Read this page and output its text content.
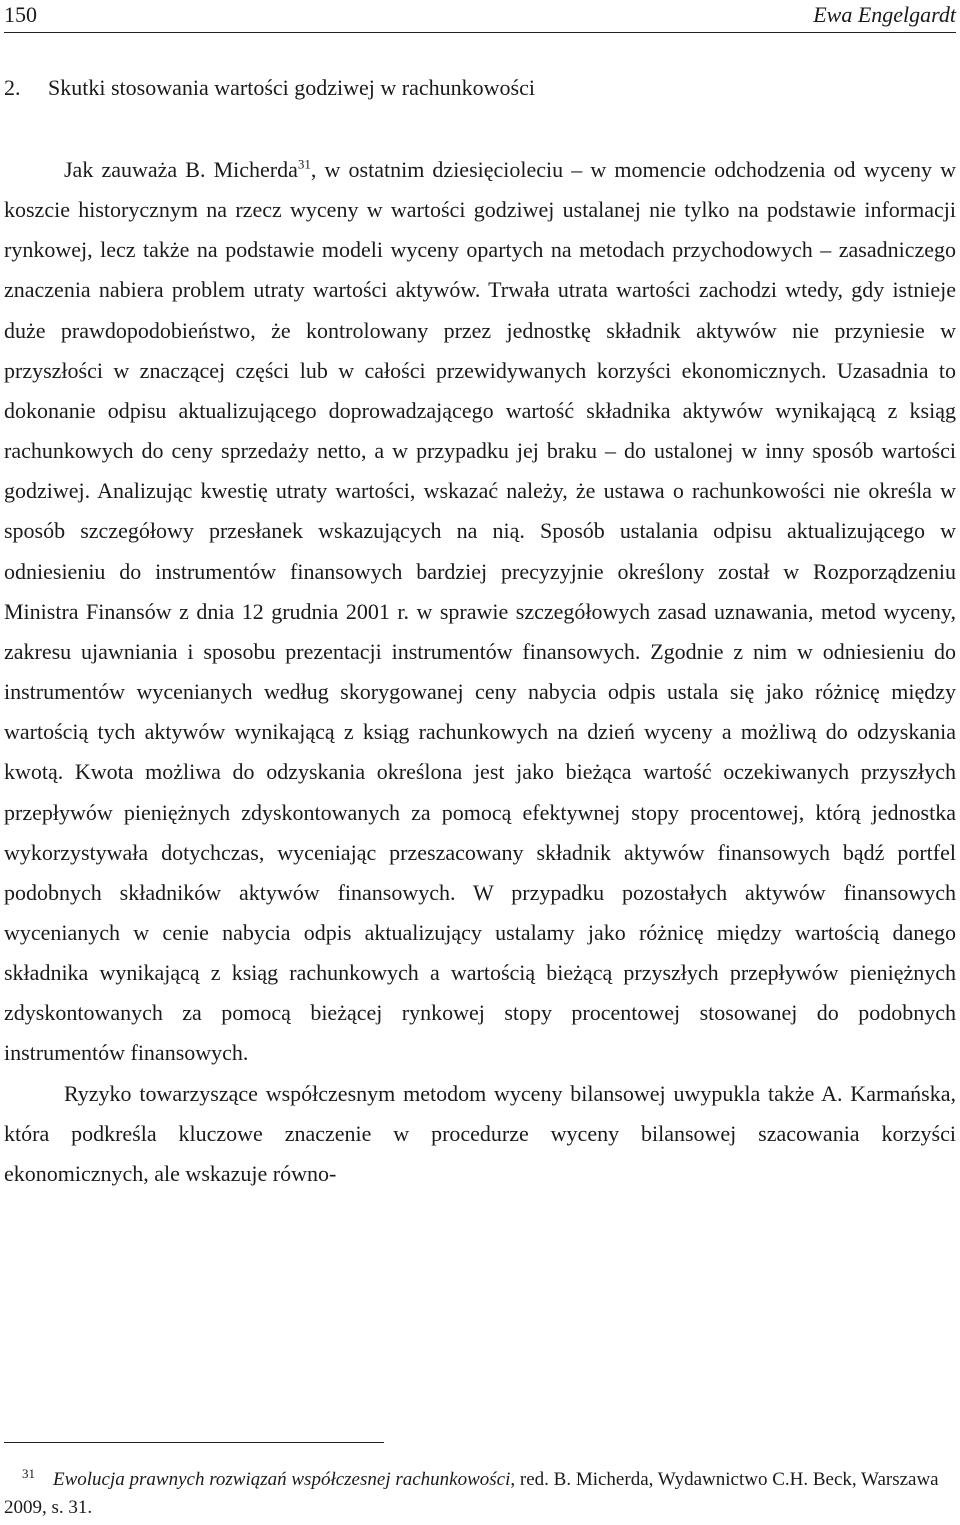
150	Ewa Engelgardt
2. Skutki stosowania wartości godziwej w rachunkowości

Jak zauważa B. Micherda$^{31}$, w ostatnim dziesięcioleciu – w momencie odchodzenia od wyceny w koszcie historycznym na rzecz wyceny w wartości godziwej ustalanej nie tylko na podstawie informacji rynkowej, lecz także na podstawie modeli wyceny opartych na metodach przychodowych – zasadniczego znaczenia nabiera problem utraty wartości aktywów. Trwała utrata wartości zachodzi wtedy, gdy istnieje duże prawdopodobieństwo, że kontrolowany przez jednostkę składnik aktywów nie przyniesie w przyszłości w znaczącej części lub w całości przewidywanych korzyści ekonomicznych. Uzasadnia to dokonanie odpisu aktualizującego doprowadzającego wartość składnika aktywów wynikającą z ksiąg rachunkowych do ceny sprzedaży netto, a w przypadku jej braku – do ustalonej w inny sposób wartości godziwej. Analizując kwestię utraty wartości, wskazać należy, że ustawa o rachunkowości nie określa w sposób szczegółowy przesłanek wskazujących na nią. Sposób ustalania odpisu aktualizującego w odniesieniu do instrumentów finansowych bardziej precyzyjnie określony został w Rozporządzeniu Ministra Finansów z dnia 12 grudnia 2001 r. w sprawie szczegółowych zasad uznawania, metod wyceny, zakresu ujawniania i sposobu prezentacji instrumentów finansowych. Zgodnie z nim w odniesieniu do instrumentów wycenianych według skorygowanej ceny nabycia odpis ustala się jako różnicę między wartością tych aktywów wynikającą z ksiąg rachunkowych na dzień wyceny a możliwą do odzyskania kwotą. Kwota możliwa do odzyskania określona jest jako bieżąca wartość oczekiwanych przyszłych przepływów pieniężnych zdyskontowanych za pomocą efektywnej stopy procentowej, którą jednostka wykorzystywała dotychczas, wyceniając przeszacowany składnik aktywów finansowych bądź portfel podobnych składników aktywów finansowych. W przypadku pozostałych aktywów finansowych wycenianych w cenie nabycia odpis aktualizujący ustalamy jako różnicę między wartością danego składnika wynikającą z ksiąg rachunkowych a wartością bieżącą przyszłych przepływów pieniężnych zdyskontowanych za pomocą bieżącej rynkowej stopy procentowej stosowanej do podobnych instrumentów finansowych.

Ryzyko towarzyszące współczesnym metodom wyceny bilansowej uwypukla także A. Karmańska, która podkreśla kluczowe znaczenie w procedurze wyceny bilansowej szacowania korzyści ekonomicznych, ale wskazuje równo-

$^{31}$ Ewolucja prawnych rozwiązań współczesnej rachunkowości, red. B. Micherda, Wydawnictwo C.H. Beck, Warszawa 2009, s. 31.
